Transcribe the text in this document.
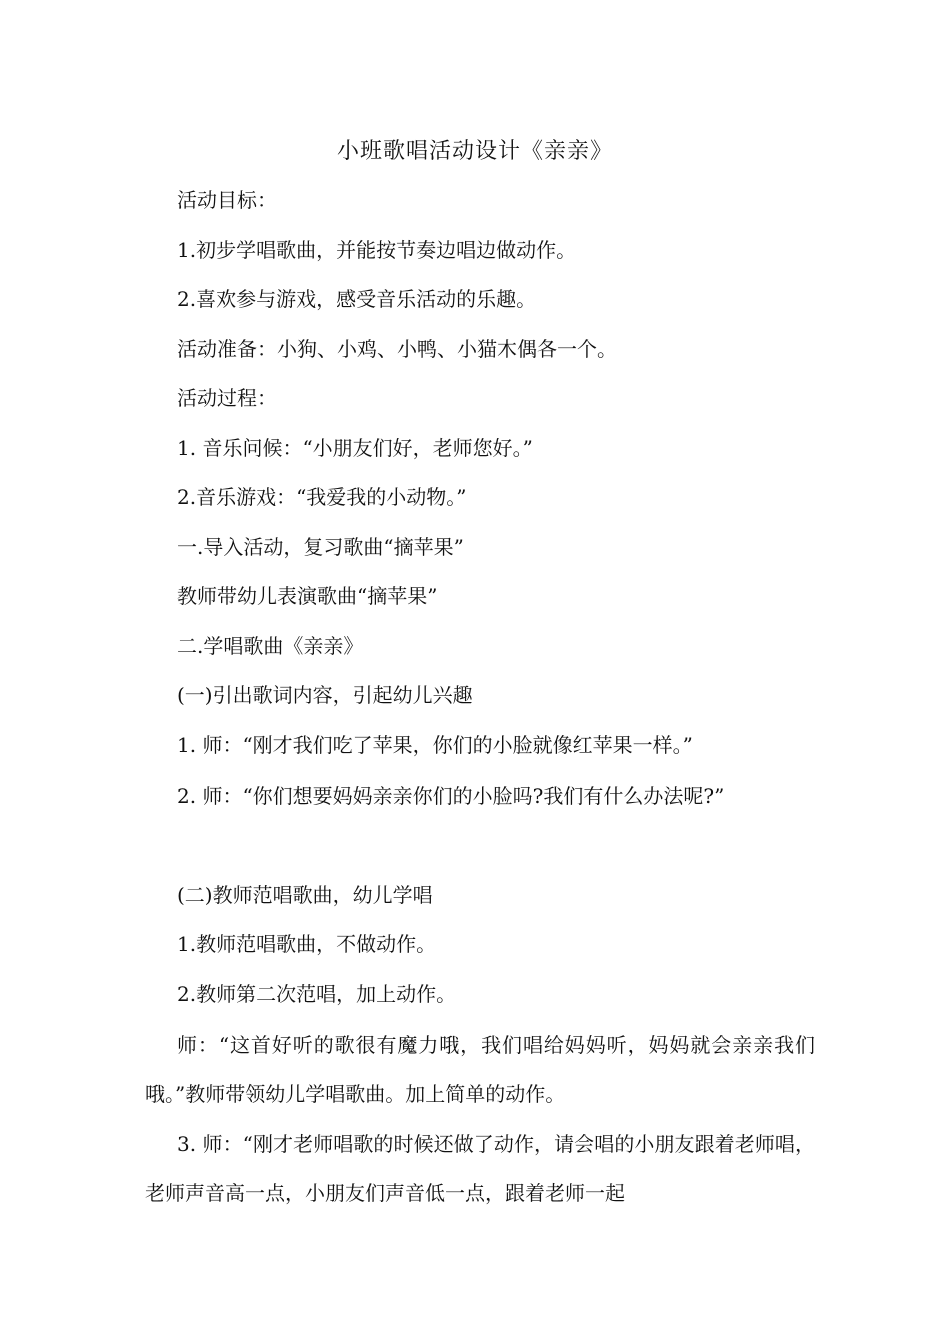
小班歌唱活动设计《亲亲》
活动目标：
1.初步学唱歌曲，并能按节奏边唱边做动作。
2.喜欢参与游戏，感受音乐活动的乐趣。
活动准备：小狗、小鸡、小鸭、小猫木偶各一个。
活动过程：
1. 音乐问候：“小朋友们好，老师您好。”
2.音乐游戏：“我爱我的小动物。”
一.导入活动，复习歌曲“摘苹果”
教师带幼儿表演歌曲“摘苹果”
二.学唱歌曲《亲亲》
(一)引出歌词内容，引起幼儿兴趣
1. 师：“刚才我们吃了苹果，你们的小脸就像红苹果一样。”
2. 师：“你们想要妈妈亲亲你们的小脸吗?我们有什么办法呢?”
(二)教师范唱歌曲，幼儿学唱
1.教师范唱歌曲，不做动作。
2.教师第二次范唱，加上动作。
师：“这首好听的歌很有魔力哦，我们唱给妈妈听，妈妈就会亲亲我们哦。”教师带领幼儿学唱歌曲。加上简单的动作。
3. 师：“刚才老师唱歌的时候还做了动作，请会唱的小朋友跟着老师唱，老师声音高一点，小朋友们声音低一点，跟着老师一起
